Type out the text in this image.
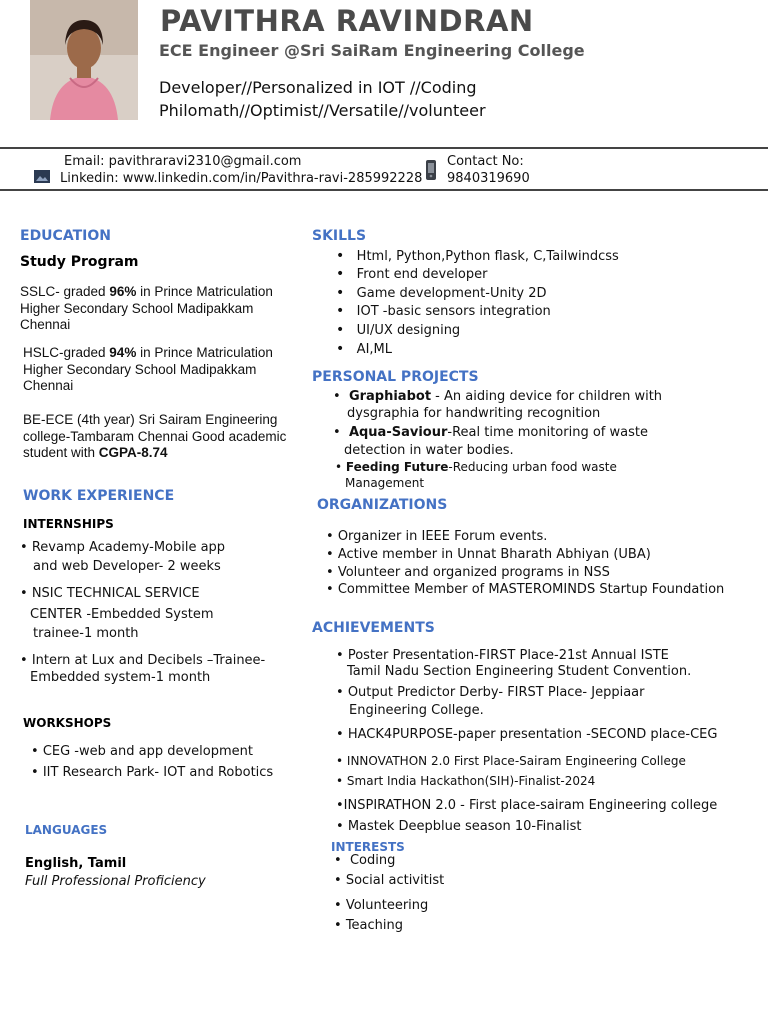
PAVITHRA RAVINDRAN
ECE Engineer @Sri SaiRam Engineering College
Developer//Personalized in IOT //Coding
Philomath//Optimist//Versatile//volunteer
Email: pavithraravi2310@gmail.com
Linkedin: www.linkedin.com/in/Pavithra-ravi-285992228
Contact No:
9840319690
EDUCATION
Study Program
SSLC- graded 96% in Prince Matriculation Higher Secondary School Madipakkam Chennai
HSLC-graded 94% in Prince Matriculation Higher Secondary School Madipakkam Chennai
BE-ECE (4th year) Sri Sairam Engineering college-Tambaram Chennai Good academic student with CGPA-8.74
WORK EXPERIENCE
INTERNSHIPS
• Revamp Academy-Mobile app
and web Developer- 2 weeks
• NSIC TECHNICAL SERVICE
CENTER -Embedded System
trainee-1 month
• Intern at Lux and Decibels –Trainee-
Embedded system-1 month
WORKSHOPS
• CEG -web and app development
• IIT Research Park- IOT and Robotics
LANGUAGES
English, Tamil
Full Professional Proficiency
SKILLS
• Html, Python,Python flask, C,Tailwindcss
• Front end developer
• Game development-Unity 2D
• IOT -basic sensors integration
• UI/UX designing
• AI,ML
PERSONAL PROJECTS
•  Graphiabot - An aiding device for children with
dysgraphia for handwriting recognition
•  Aqua-Saviour-Real time monitoring of waste
detection in water bodies.
• Feeding Future-Reducing urban food waste
Management
ORGANIZATIONS
• Organizer in IEEE Forum events.
• Active member in Unnat Bharath Abhiyan (UBA)
• Volunteer and organized programs in NSS
• Committee Member of MASTEROMINDS Startup Foundation
ACHIEVEMENTS
• Poster Presentation-FIRST Place-21st Annual ISTE
Tamil Nadu Section Engineering Student Convention.
• Output Predictor Derby- FIRST Place- Jeppiaar
Engineering College.
• HACK4PURPOSE-paper presentation -SECOND place-CEG
• INNOVATHON 2.0 First Place-Sairam Engineering College
• Smart India Hackathon(SIH)-Finalist-2024
•INSPIRATHON 2.0 - First place-sairam Engineering college
• Mastek Deepblue season 10-Finalist
INTERESTS
•  Coding
• Social activitist
• Volunteering
• Teaching
